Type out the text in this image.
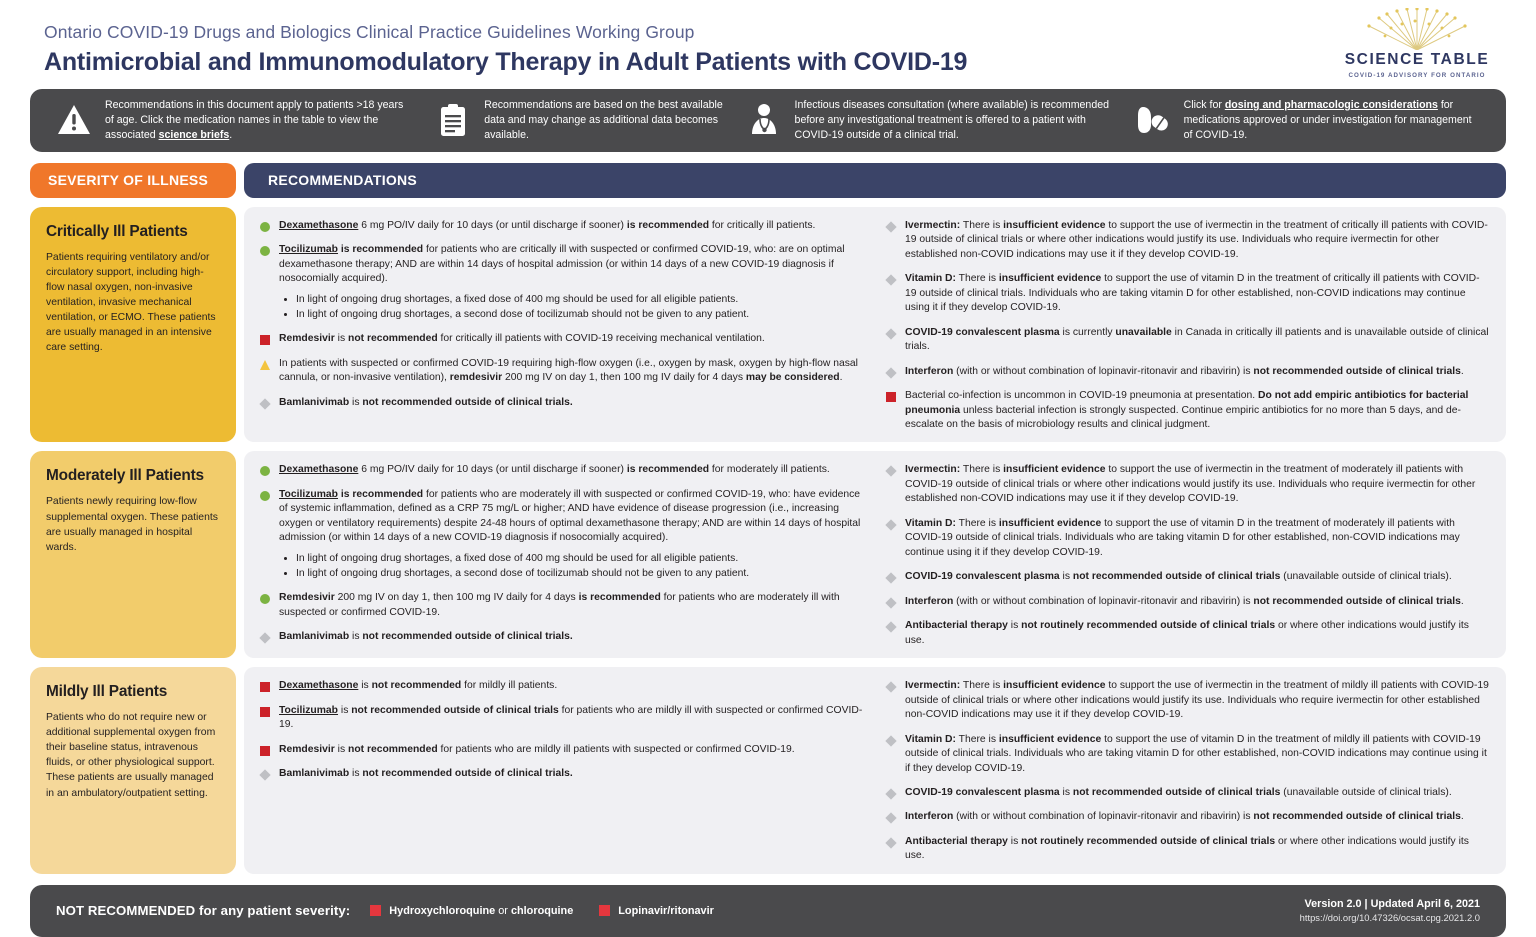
Ontario COVID-19 Drugs and Biologics Clinical Practice Guidelines Working Group
Antimicrobial and Immunomodulatory Therapy in Adult Patients with COVID-19	SCIENCE TABLE
COVID-19 ADVISORY FOR ONTARIO
Recommendations in this document apply to patients >18 years of age. Click the medication names in the table to view the associated science briefs.
Recommendations are based on the best available data and may change as additional data becomes available.
Infectious diseases consultation (where available) is recommended before any investigational treatment is offered to a patient with COVID-19 outside of a clinical trial.
Click for dosing and pharmacologic considerations for medications approved or under investigation for management of COVID-19.
SEVERITY OF ILLNESS	RECOMMENDATIONS
Critically Ill Patients
Patients requiring ventilatory and/or circulatory support, including high-flow nasal oxygen, non-invasive ventilation, invasive mechanical ventilation, or ECMO. These patients are usually managed in an intensive care setting.
Dexamethasone 6 mg PO/IV daily for 10 days (or until discharge if sooner) is recommended for critically ill patients.
Tocilizumab is recommended for patients who are critically ill with suspected or confirmed COVID-19, who: are on optimal dexamethasone therapy; AND are within 14 days of hospital admission (or within 14 days of a new COVID-19 diagnosis if nosocomially acquired).
• In light of ongoing drug shortages, a fixed dose of 400 mg should be used for all eligible patients.
• In light of ongoing drug shortages, a second dose of tocilizumab should not be given to any patient.
Remdesivir is not recommended for critically ill patients with COVID-19 receiving mechanical ventilation.
In patients with suspected or confirmed COVID-19 requiring high-flow oxygen (i.e., oxygen by mask, oxygen by high-flow nasal cannula, or non-invasive ventilation), remdesivir 200 mg IV on day 1, then 100 mg IV daily for 4 days may be considered.
Bamlanivimab is not recommended outside of clinical trials.
Ivermectin: There is insufficient evidence to support the use of ivermectin in the treatment of critically ill patients with COVID-19 outside of clinical trials or where other indications would justify its use. Individuals who require ivermectin for other established non-COVID indications may use it if they develop COVID-19.
Vitamin D: There is insufficient evidence to support the use of vitamin D in the treatment of critically ill patients with COVID-19 outside of clinical trials. Individuals who are taking vitamin D for other established, non-COVID indications may continue using it if they develop COVID-19.
COVID-19 convalescent plasma is currently unavailable in Canada in critically ill patients and is unavailable outside of clinical trials.
Interferon (with or without combination of lopinavir-ritonavir and ribavirin) is not recommended outside of clinical trials.
Bacterial co-infection is uncommon in COVID-19 pneumonia at presentation. Do not add empiric antibiotics for bacterial pneumonia unless bacterial infection is strongly suspected. Continue empiric antibiotics for no more than 5 days, and de-escalate on the basis of microbiology results and clinical judgment.
Moderately Ill Patients
Patients newly requiring low-flow supplemental oxygen. These patients are usually managed in hospital wards.
Dexamethasone 6 mg PO/IV daily for 10 days (or until discharge if sooner) is recommended for moderately ill patients.
Tocilizumab is recommended for patients who are moderately ill with suspected or confirmed COVID-19, who: have evidence of systemic inflammation, defined as a CRP 75 mg/L or higher; AND have evidence of disease progression (i.e., increasing oxygen or ventilatory requirements) despite 24-48 hours of optimal dexamethasone therapy; AND are within 14 days of hospital admission (or within 14 days of a new COVID-19 diagnosis if nosocomially acquired).
• In light of ongoing drug shortages, a fixed dose of 400 mg should be used for all eligible patients.
• In light of ongoing drug shortages, a second dose of tocilizumab should not be given to any patient.
Remdesivir 200 mg IV on day 1, then 100 mg IV daily for 4 days is recommended for patients who are moderately ill with suspected or confirmed COVID-19.
Bamlanivimab is not recommended outside of clinical trials.
Ivermectin: There is insufficient evidence to support the use of ivermectin in the treatment of moderately ill patients with COVID-19 outside of clinical trials or where other indications would justify its use. Individuals who require ivermectin for other established non-COVID indications may use it if they develop COVID-19.
Vitamin D: There is insufficient evidence to support the use of vitamin D in the treatment of moderately ill patients with COVID-19 outside of clinical trials. Individuals who are taking vitamin D for other established, non-COVID indications may continue using it if they develop COVID-19.
COVID-19 convalescent plasma is not recommended outside of clinical trials (unavailable outside of clinical trials).
Interferon (with or without combination of lopinavir-ritonavir and ribavirin) is not recommended outside of clinical trials.
Antibacterial therapy is not routinely recommended outside of clinical trials or where other indications would justify its use.
Mildly Ill Patients
Patients who do not require new or additional supplemental oxygen from their baseline status, intravenous fluids, or other physiological support. These patients are usually managed in an ambulatory/outpatient setting.
Dexamethasone is not recommended for mildly ill patients.
Tocilizumab is not recommended outside of clinical trials for patients who are mildly ill with suspected or confirmed COVID-19.
Remdesivir is not recommended for patients who are mildly ill patients with suspected or confirmed COVID-19.
Bamlanivimab is not recommended outside of clinical trials.
Ivermectin: There is insufficient evidence to support the use of ivermectin in the treatment of mildly ill patients with COVID-19 outside of clinical trials or where other indications would justify its use. Individuals who require ivermectin for other established non-COVID indications may use it if they develop COVID-19.
Vitamin D: There is insufficient evidence to support the use of vitamin D in the treatment of mildly ill patients with COVID-19 outside of clinical trials. Individuals who are taking vitamin D for other established, non-COVID indications may continue using it if they develop COVID-19.
COVID-19 convalescent plasma is not recommended outside of clinical trials (unavailable outside of clinical trials).
Interferon (with or without combination of lopinavir-ritonavir and ribavirin) is not recommended outside of clinical trials.
Antibacterial therapy is not routinely recommended outside of clinical trials or where other indications would justify its use.
NOT RECOMMENDED for any patient severity:	Hydroxychloroquine or chloroquine	Lopinavir/ritonavir
Version 2.0 | Updated April 6, 2021
https://doi.org/10.47326/ocsat.cpg.2021.2.0
